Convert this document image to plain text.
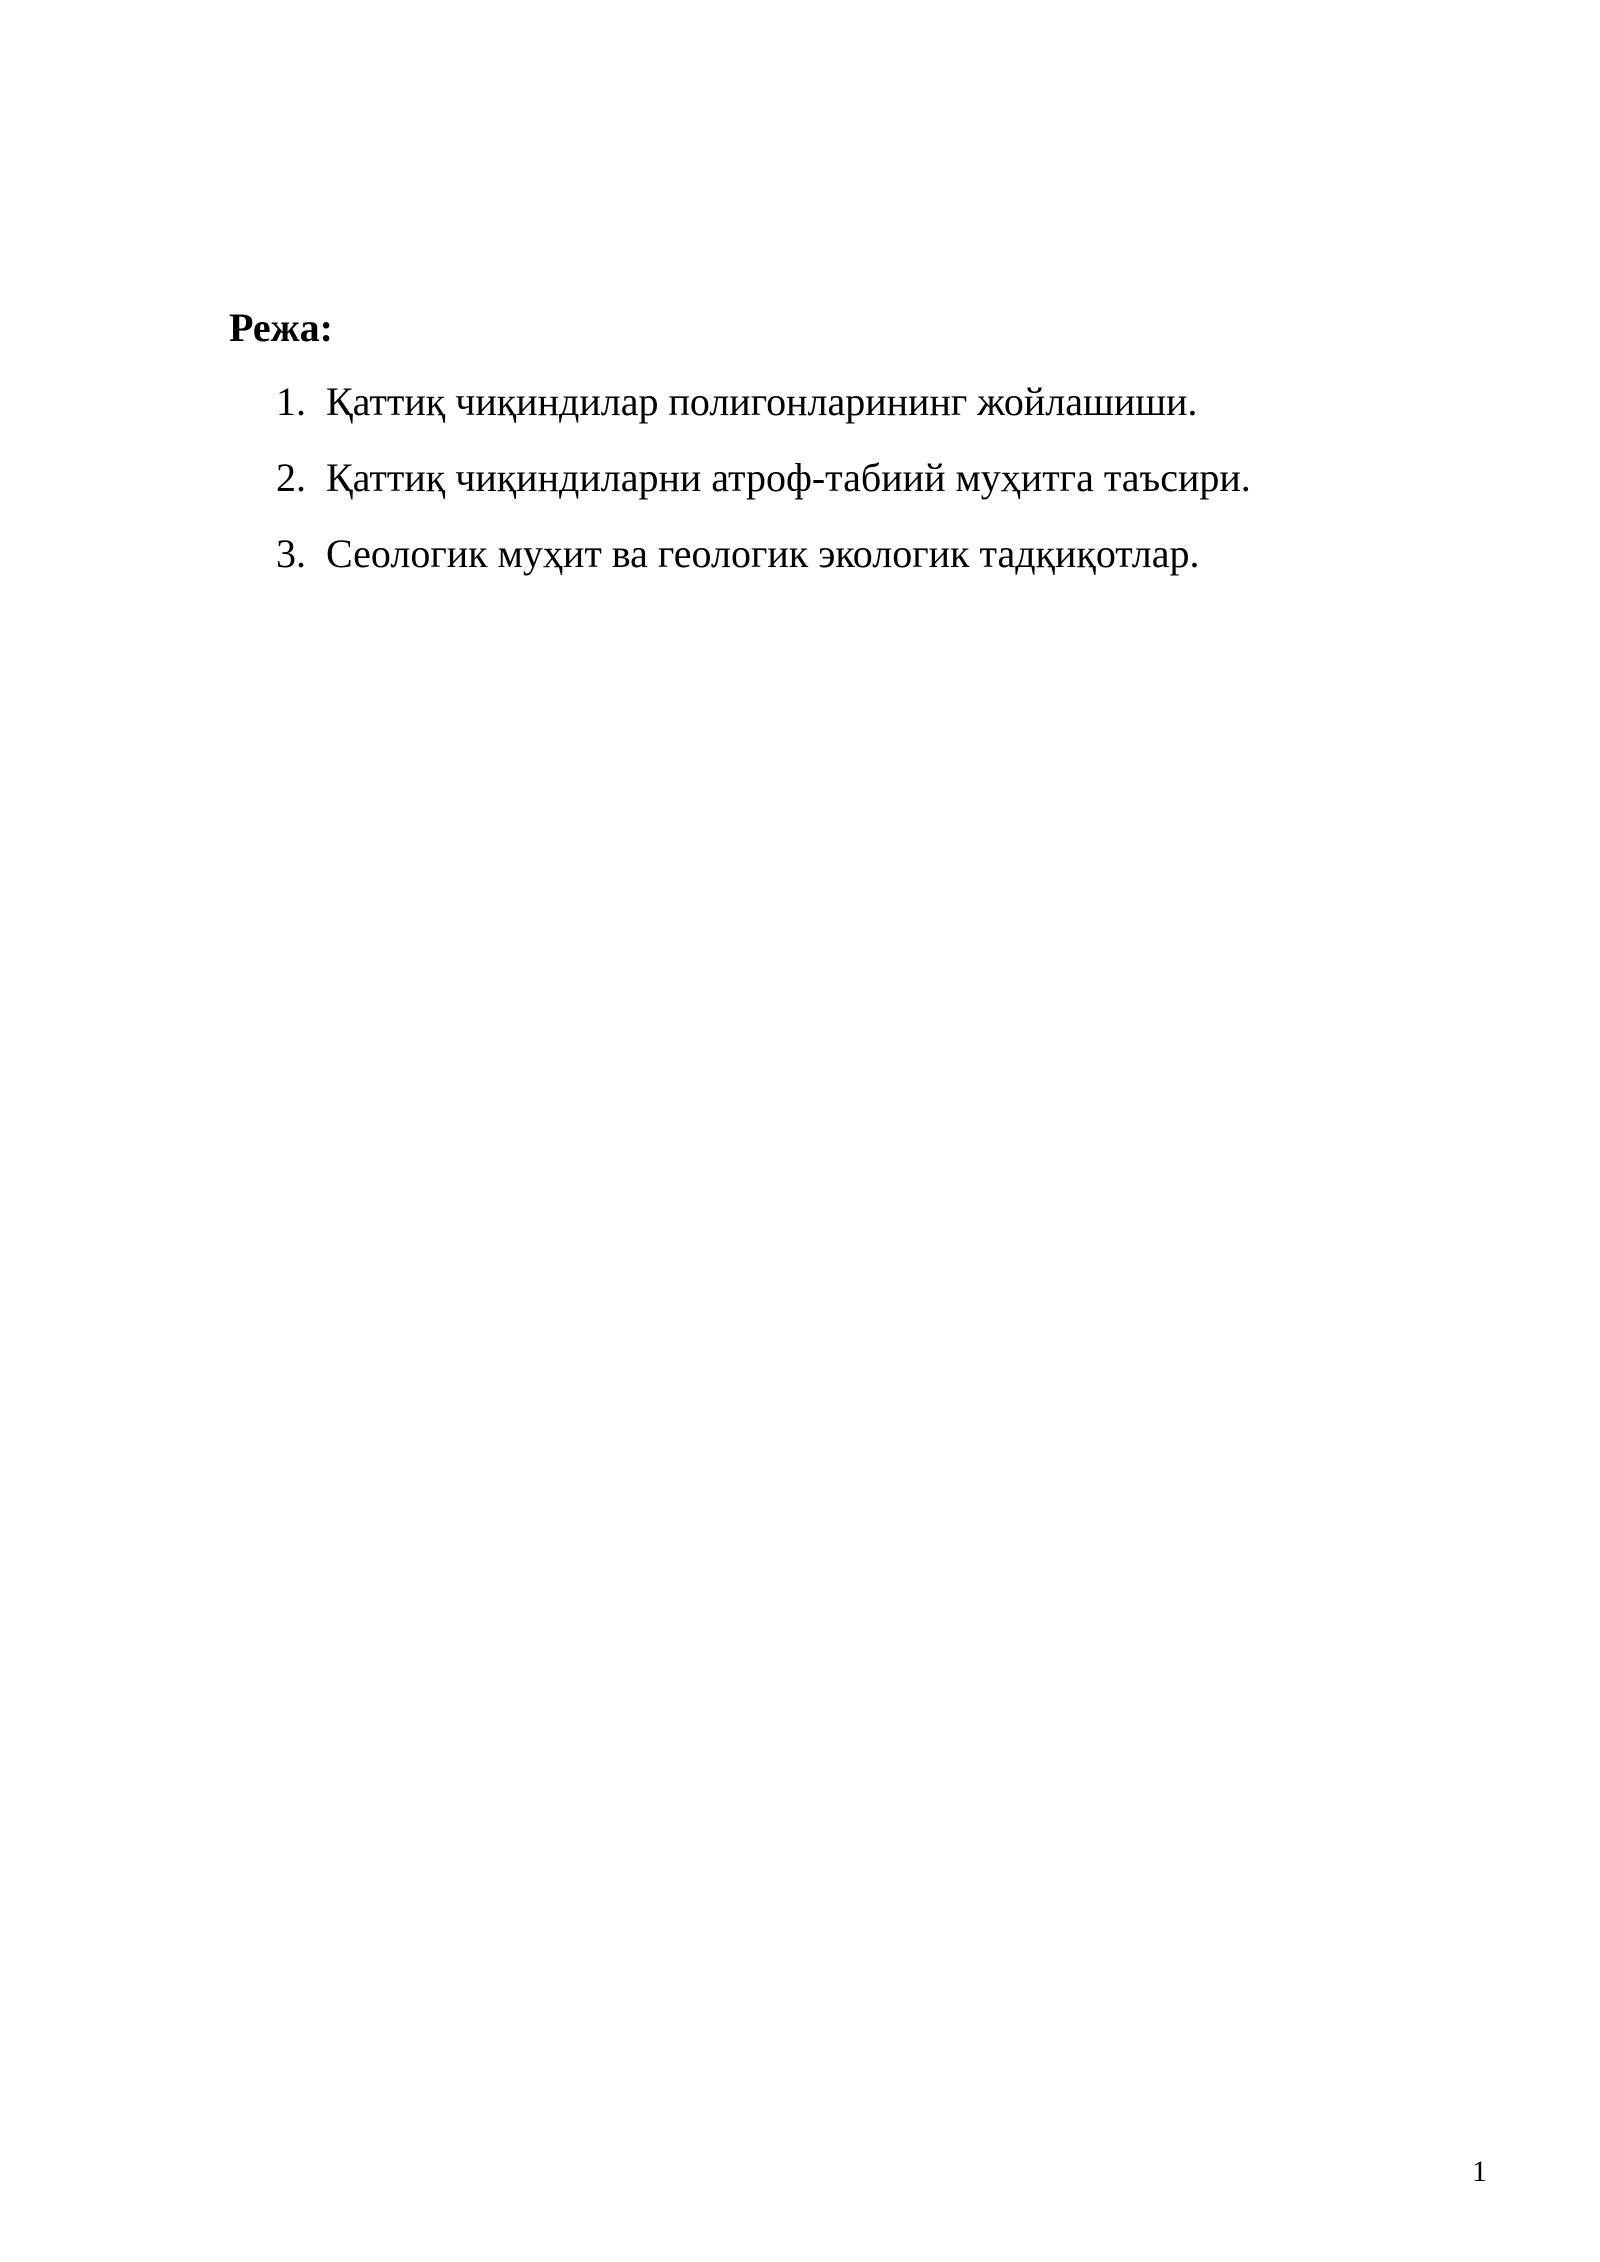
Режа:
1. Қаттиқ чиқиндилар полигонларининг жойлашиши.
2. Қаттиқ чиқиндиларни атроф-табиий муҳитга таъсири.
3. Сеологик муҳит ва геологик экологик тадқиқотлар.
1
